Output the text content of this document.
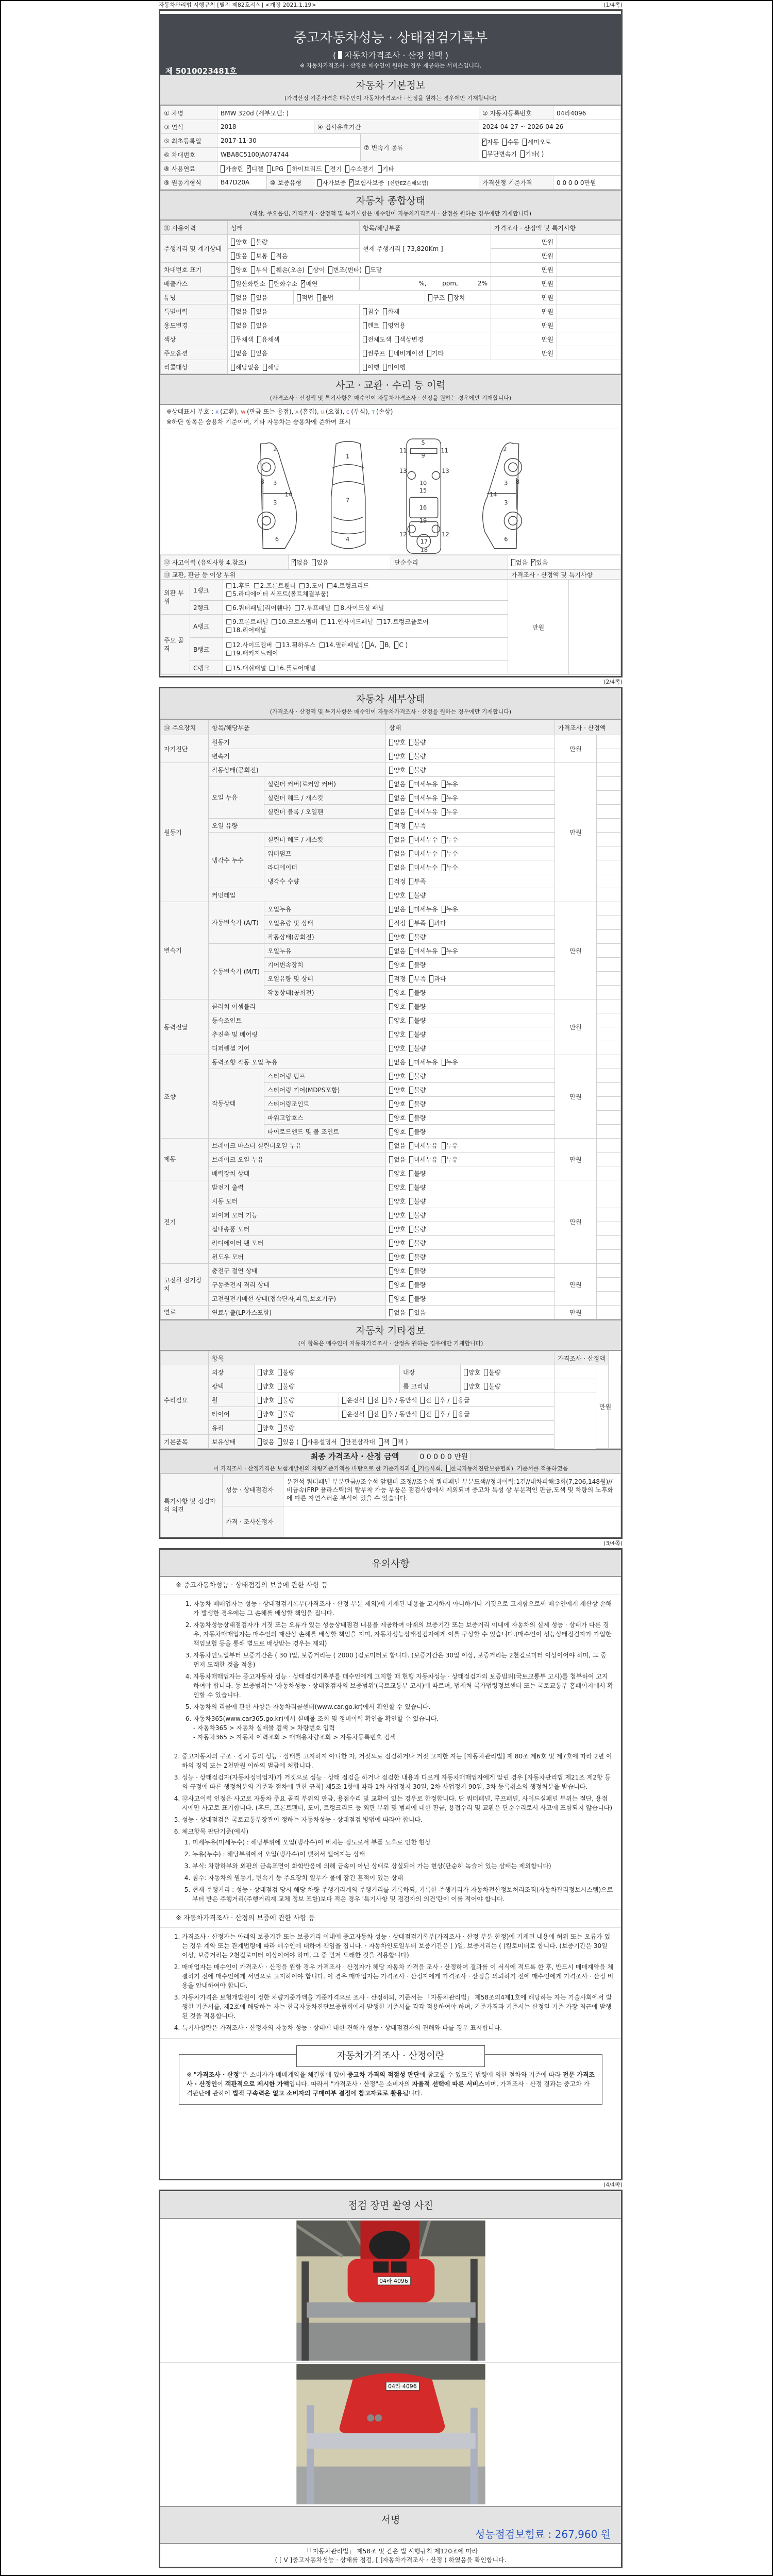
자동차관리법 시행규칙 [별지 제82호서식] <개정 2021.1.19>	(1/4쪽)
중고자동차성능 · 상태점검기록부
( 자동차가격조사 · 산정 선택 )
※ 자동차가격조사 · 산정은 매수인이 원하는 경우 제공하는 서비스입니다.
제 5010023481호
자동차 기본정보
(가격산정 기준가격은 매수인이 자동차가격조사 · 산정을 원하는 경우에만 기재합니다)
① 차명	BMW 320d (세부모델: )				② 자동차등록번호	04라4096
③ 연식	2018		④ 검사유효기간		2024-04-27 ~ 2026-04-26	
⑤ 최초등록일	2017-11-30			⑦ 변속기 종류	
✓자동 수동 세미오토
무단변속기 기타( )

⑥ 차대번호	WBA8C5100JA074744					
⑧ 사용연료	가솔린 ✓ 디젤 LPG 하이브리드 전기 수소전기 기타
⑨ 원동기형식	B47D20A	⑩ 보증유형	자가보증 ✓ 보험사보증 [신한EZ손해보험]		가격산정 기준가격	0 0 0 0 0만원
자동차 종합상태
(색상, 주요옵션, 가격조사 · 산정액 및 특기사항은 매수인이 자동차가격조사 · 산정을 원하는 경우에만 기재합니다)
⑪ 사용이력	상태		항목/해당부품		가격조사 · 산정액 및 특기사항	
주행거리 및 계기상태	양호 불량		현재 주행거리 [ 73,820Km ]		만원	
	많음 보통 적음				만원	
차대번호 표기	양호 부식 훼손(오손) 상이 변조(변타) 도말				만원	
배출가스	일산화탄소 탄화수소 ✓ 매연		%,        ppm,          2%		만원	
튜닝	없음 있음	적법 불법		구조 장치	만원	
특별이력	없음 있음		침수 화재		만원	
용도변경	없음 있음		렌트 영업용		만원	
색상	무채색 유채색		전체도색 색상변경		만원	
주요옵션	없음 있음		썬루프 네비게이션 기타		만원	
리콜대상	해당없음 해당		이행 미이행			
사고 · 교환 · 수리 등 이력
(가격조사 · 산정액 및 특기사항은 매수인이 자동차가격조사 · 산정을 원하는 경우에만 기재합니다)
※상태표시 부호 : X (교환), W (판금 또는 용접), A (흠집), U (요철), C (부식), T (손상)
※하단 항목은 승용차 기준이며, 기타 자동차는 승용차에 준하여 표시
2
3
3
8
14
6
1
7
4
5
9
11	11
13	13
10
15
16
19
17
18
12	12
2
3
3
8
14
6
⑫ 사고이력 (유의사항 4.참조)	✓없음 있음	단순수리	없음 ✓ 있음
⑬ 교환, 판금 등 이상 부위			가격조사 · 산정액 및 특기사항	
외판 부위	1랭크	1.후드 2.프론트휀더 3.도어 4.트렁크리드
5.라디에이터 서포트(볼트체결부품)	만원	
	2랭크	6.쿼터패널(리어휀다) 7.루프패널 8.사이드실 패널		
주요 골격	A랭크	9.프론트패널 10.크로스멤버 11.인사이드패널 17.트렁크플로어
18.리어패널		
	B랭크	12.사이드멤버 13.휠하우스 14.필러패널 ( A, B, C )
19.패키지트레이		
	C랭크	15.대쉬패널 16.플로어패널		
(2/4쪽)
자동차 세부상태
(가격조사 · 산정액 및 특기사항은 매수인이 자동차가격조사 · 산정을 원하는 경우에만 기재합니다)
⑭ 주요장치	항목/해당부품		상태	가격조사 · 산정액	
자기진단	원동기		양호 불량	만원	
	변속기		양호 불량		
원동기	작동상태(공회전)		양호 불량	만원	
	오일 누유	실린더 커버(로커암 커버)	없음 미세누유 누유		
		실린더 헤드 / 개스킷	없음 미세누유 누유		
		실린더 블록 / 오일팬	없음 미세누유 누유		
	오일 유량		적정 부족		
	냉각수 누수	실린더 헤드 / 개스킷	없음 미세누수 누수		
		워터펌프	없음 미세누수 누수		
		라디에이터	없음 미세누수 누수		
		냉각수 수량	적정 부족		
	커먼레일		양호 불량		
변속기	자동변속기 (A/T)	오일누유	없음 미세누유 누유	만원	
		오일유량 및 상태	적정 부족 과다		
		작동상태(공회전)	양호 불량		
	수동변속기 (M/T)	오일누유	없음 미세누유 누유		
		기어변속장치	양호 불량		
		오일유량 및 상태	적정 부족 과다		
		작동상태(공회전)	양호 불량		
동력전달	클러치 어셈블리		양호 불량	만원	
	등속조인트		양호 불량		
	추진축 및 베어링		양호 불량		
	디퍼렌셜 기어		양호 불량		
조향	동력조향 작동 오일 누유		없음 미세누유 누유	만원	
	작동상태	스티어링 펌프	양호 불량		
		스티어링 기어(MDPS포함)	양호 불량		
		스티어링조인트	양호 불량		
		파워고압호스	양호 불량		
		타이로드엔드 및 볼 조인트	양호 불량		
제동	브레이크 마스터 실린더오일 누유		없음 미세누유 누유	만원	
	브레이크 오일 누유		없음 미세누유 누유		
	배력장치 상태		양호 불량		
전기	발전기 출력		양호 불량	만원	
	시동 모터		양호 불량		
	와이퍼 모터 기능		양호 불량		
	실내송풍 모터		양호 불량		
	라디에이터 팬 모터		양호 불량		
	윈도우 모터		양호 불량		
고전원 전기장치	충전구 절연 상태		양호 불량	만원	
	구동축전지 격리 상태		양호 불량		
	고전원전기배선 상태(접속단자,피복,보호기구)		양호 불량		
연료	연료누출(LP가스포함)		없음 있음	만원	
자동차 기타정보
(이 항목은 매수인이 자동차가격조사 · 산정을 원하는 경우에만 기재합니다)
	항목					가격조사 · 산정액		
수리필요	외장	양호 불량		내장	양호 불량		만원	
	광택	양호 불량		룸 크리닝	양호 불량			
	휠	양호 불량	운전석 전 후 / 동반석 전 후 / 응급					
	타이어	양호 불량	운전석 전 후 / 동반석 전 후 / 응급					
	유리	양호 불량						
기본품목	보유상태	없음 있음 ( 사용설명서 안전삼각대 잭 잭 )						
최종 가격조사 · 산정 금액	0 0 0 0 0 만원
이 가격조사 · 산정가격은 보험개발원의 차량기준가액을 바탕으로 한 기준가격과 ( 기술사회, 한국자동차진단보증협회) 기준서를 적용하였음
특기사항 및 점검자의 의견	성능 · 상태점검자	운전석 쿼터패널 부분판금//조수석 앞휀더 조정//조수석 쿼터패널 부분도색//정비이력:1건//내차피해:3회(7,206,148원)// 비금속(FRP 플라스틱)의 탈부착 가능 부품은 점검사항에서 제외되며 중고차 특성 상 부분적인 판금,도색 및 차량의 노후화에 따른 자연스러운 부식이 있을 수 있습니다.
	가격 · 조사산정자	
(3/4쪽)
유의사항
※ 중고자동차성능 · 상태점검의 보증에 관한 사항 등
1. 자동차 매매업자는 성능 · 상태점검기록부(가격조사 · 산정 부분 제외)에 기재된 내용을 고지하지 아니하거나 거짓으로 고지함으로써 매수인에게 재산상 손해가 발생한 경우에는 그 손해를 배상할 책임을 집니다.
2. 자동차성능상태점검자가 거짓 또는 오류가 있는 성능상태점검 내용을 제공하여 아래의 보증기간 또는 보증거리 이내에 자동차의 실제 성능 · 상태가 다른 경우, 자동차매매업자는 매수인의 재산상 손해를 배상할 책임을 지며, 자동차성능상태점검자에게 이를 구상할 수 있습니다.(매수인이 성능상태점검자가 가입한 책임보험 등을 통해 별도로 배상받는 경우는 제외)
3. 자동차인도일부터 보증기간은 ( 30 )일, 보증거리는 ( 2000 )킬로미터로 합니다. (보증기간은 30일 이상, 보증거리는 2천킬로미터 이상이어야 하며, 그 중 먼저 도래한 것을 적용)
4. 자동차매매업자는 중고자동차 성능 · 상태점검기록부를 매수인에게 고지할 때 현행 자동차성능 · 상태점검자의 보증범위(국토교통부 고시)를 첨부하여 고지하여야 합니다. 동 보증범위는 '자동차성능 · 상태점검자의 보증범위'(국토교통부 고시)에 따르며, 법제처 국가법령정보센터 또는 국토교통부 홈페이지에서 확인할 수 있습니다.
5. 자동차의 리콜에 관한 사항은 자동차리콜센터(www.car.go.kr)에서 확인할 수 있습니다.
6. 자동차365(www.car365.go.kr)에서 실매물 조회 및 정비이력 확인을 확인할 수 있습니다.
- 자동차365 > 자동차 실매물 검색 > 차량번호 입력
- 자동차365 > 자동차 이력조회 > 매매용차량조회 > 자동차등록번호 검색
2. 중고자동차의 구조 · 장치 등의 성능 · 상태를 고지하지 아니한 자, 거짓으로 점검하거나 거짓 고지한 자는 [자동차관리법] 제 80조 제6호 및 제7호에 따라 2년 이하의 징역 또는 2천만원 이하의 벌금에 처합니다.
3. 성능 · 상태점검자(자동차정비업자)가 거짓으로 성능 · 상태 점검을 하거나 점검한 내용과 다르게 자동차매매업자에게 알린 경우 [자동차관리법 제21조 제2항 등의 규정에 따른 행정처분의 기준과 절차에 관한 규칙] 제5조 1항에 따라 1차 사업정지 30일, 2차 사업정지 90일, 3차 등록취소의 행정처분을 받습니다.
4. ⑫사고이력 인정은 사고로 자동차 주요 골격 부위의 판금, 용접수리 및 교환이 있는 경우로 한정합니다. 단 쿼터패널, 루프패널, 사이드실패널 부위는 절단, 용접 시에만 사고로 표기합니다. (후드, 프론트펜더, 도어, 트렁크리드 등 외판 부위 및 범퍼에 대한 판금, 용접수리 및 교환은 단순수리로서 사고에 포함되지 않습니다)
5. 성능 · 상태점검은 국토교통부장관이 정하는 자동차성능 · 상태점검 방법에 따라야 합니다.
6. 체크항목 판단기준(예시)
1. 미세누유(미세누수) : 해당부위에 오일(냉각수)이 비치는 정도로서 부품 노후로 인한 현상
2. 누유(누수) : 해당부위에서 오일(냉각수)이 맺혀서 떨어지는 상태
3. 부식: 차량하부와 외판의 금속표면이 화학반응에 의해 금속이 아닌 상태로 상실되어 가는 현상(단순히 녹슬어 있는 상태는 제외합니다)
4. 침수: 자동차의 원동기, 변속기 등 주요장치 일부가 물에 잠긴 흔적이 있는 상태
5. 현재 주행거리 : 성능 · 상태점검 당시 해당 차량 주행거리계의 주행거리를 기록하되, 기록한 주행거리가 자동차전산정보처리조직(자동차관리정보시스템)으로부터 받은 주행거리(주행거리계 교체 정보 포함)보다 적은 경우 '특기사항 및 점검자의 의견'란에 이를 적어야 합니다.
※ 자동차가격조사 · 산정의 보증에 관한 사항 등
1. 가격조사 · 산정자는 아래의 보증기간 또는 보증거리 이내에 중고자동차 성능 · 상태점검기록부(가격조사 · 산정 부분 한정)에 기재된 내용에 허위 또는 오류가 있는 경우 계약 또는 관계법령에 따라 매수인에 대하여 책임을 집니다. · 자동차인도일부터 보증기간은 ( )일, 보증거리는 ( )킬로미터로 합니다. (보증기간은 30일 이상, 보증거리는 2천킬로미터 이상이어야 하며, 그 중 먼저 도래한 것을 적용합니다)
2. 매매업자는 매수인이 가격조사 · 산정을 원할 경우 가격조사 · 산정자가 해당 자동차 가격을 조사 · 산정하여 결과를 이 서식에 적도록 한 후, 반드시 매매계약을 체결하기 전에 매수인에게 서면으로 고지하여야 합니다. 이 경우 매매업자는 가격조사 · 산정자에게 가격조사 · 산정을 의뢰하기 전에 매수인에게 가격조사 · 산정 비용을 안내하여야 합니다.
3. 자동차가격은 보험개발원이 정한 차량기준가액을 기준가격으로 조사 · 산정하되, 기준서는 「자동차관리법」 제58조의4제1호에 해당하는 자는 기술사회에서 발행한 기준서를, 제2호에 해당하는 자는 한국자동차진단보증협회에서 발행한 기준서를 각각 적용하여야 하며, 기준가격과 기준서는 산정일 기준 가장 최근에 발행된 것을 적용합니다.
4. 특기사항란은 가격조사 · 산정자의 자동차 성능 · 상태에 대한 견해가 성능 · 상태점검자의 견해와 다를 경우 표시합니다.
자동차가격조사 · 산정이란
※ "가격조사 · 산정"은 소비자가 매매계약을 체결함에 있어 중고차 가격의 적절성 판단에 참고할 수 있도록 법령에 의한 절차와 기준에 따라 전문 가격조사 · 산정인이 객관적으로 제시한 가액입니다. 따라서 "가격조사 · 산정"은 소비자의 자율적 선택에 따른 서비스이며, 가격조사 · 산정 결과는 중고차 가격판단에 관하여 법적 구속력은 없고 소비자의 구매여부 결정에 참고자료로 활용됩니다.
(4/4쪽)
점검 장면 촬영 사진
04라 4096
04라 4096
서명
성능점검보험료 : 267,960 원
「「자동차관리법」 제58조 및 같은 법 시행규칙 제120조에 따라
( [ V ]중고자동차성능 · 상태를 점검, [ ]자동차가격조사 · 산정 ) 하였음을 확인합니다.
